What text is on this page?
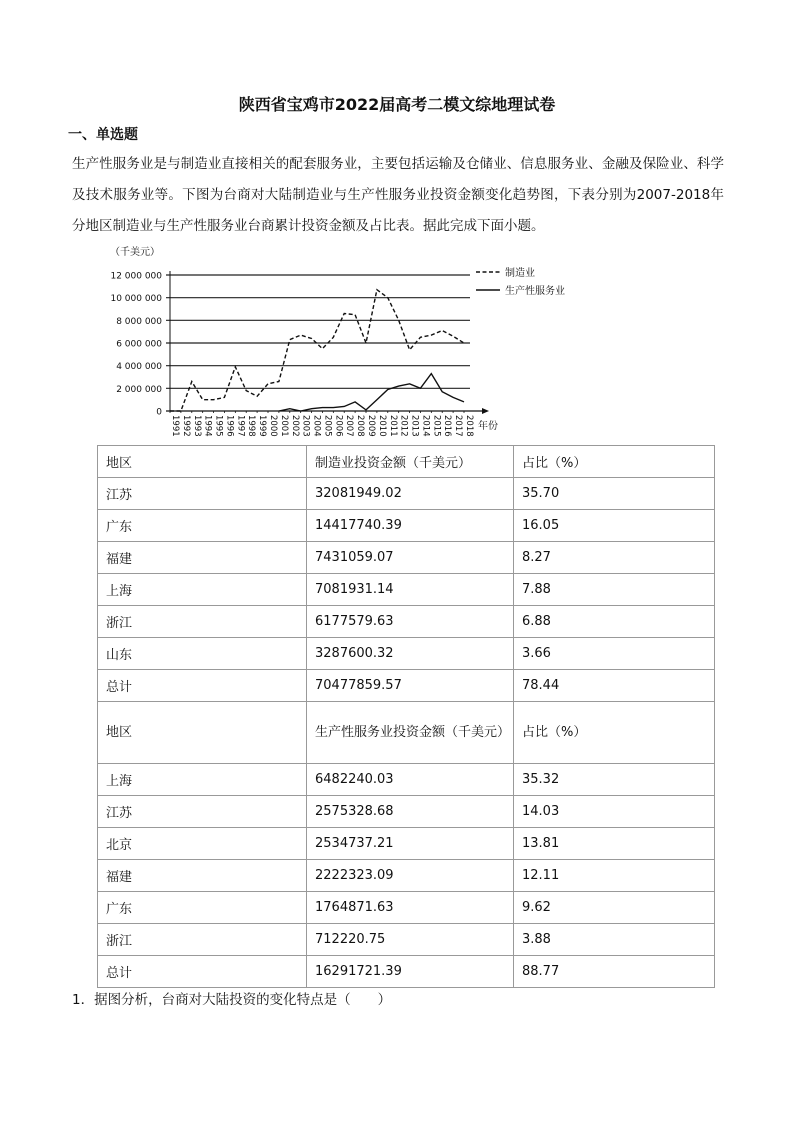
陕西省宝鸡市2022届高考二模文综地理试卷
一、单选题

生产性服务业是与制造业直接相关的配套服务业，主要包括运输及仓储业、信息服务业、金融及保险业、科学及技术服务业等。下图为台商对大陆制造业与生产性服务业投资金额变化趋势图，下表分别为2007-2018年分地区制造业与生产性服务业台商累计投资金额及占比表。据此完成下面小题。

（千美元）
12 000 000
10 000 000
8 000 000
6 000 000
4 000 000
2 000 000
0
1991 1992 1993 1994 1995 1996 1997 1998 1999 2000 2001 2002 2003 2004 2005 2006 2007 2008 2009 2010 2011 2012 2013 2014 2015 2016 2017 2018 年份
制造业
生产性服务业
地区	制造业投资金额（千美元）	占比（%）
江苏	32081949.02	35.70
广东	14417740.39	16.05
福建	7431059.07	8.27
上海	7081931.14	7.88
浙江	6177579.63	6.88
山东	3287600.32	3.66
总计	70477859.57	78.44
地区	生产性服务业投资金额（千美元）	占比（%）
上海	6482240.03	35.32
江苏	2575328.68	14.03
北京	2534737.21	13.81
福建	2222323.09	12.11
广东	1764871.63	9.62
浙江	712220.75	3.88
总计	16291721.39	88.77
1．据图分析，台商对大陆投资的变化特点是（　　）
